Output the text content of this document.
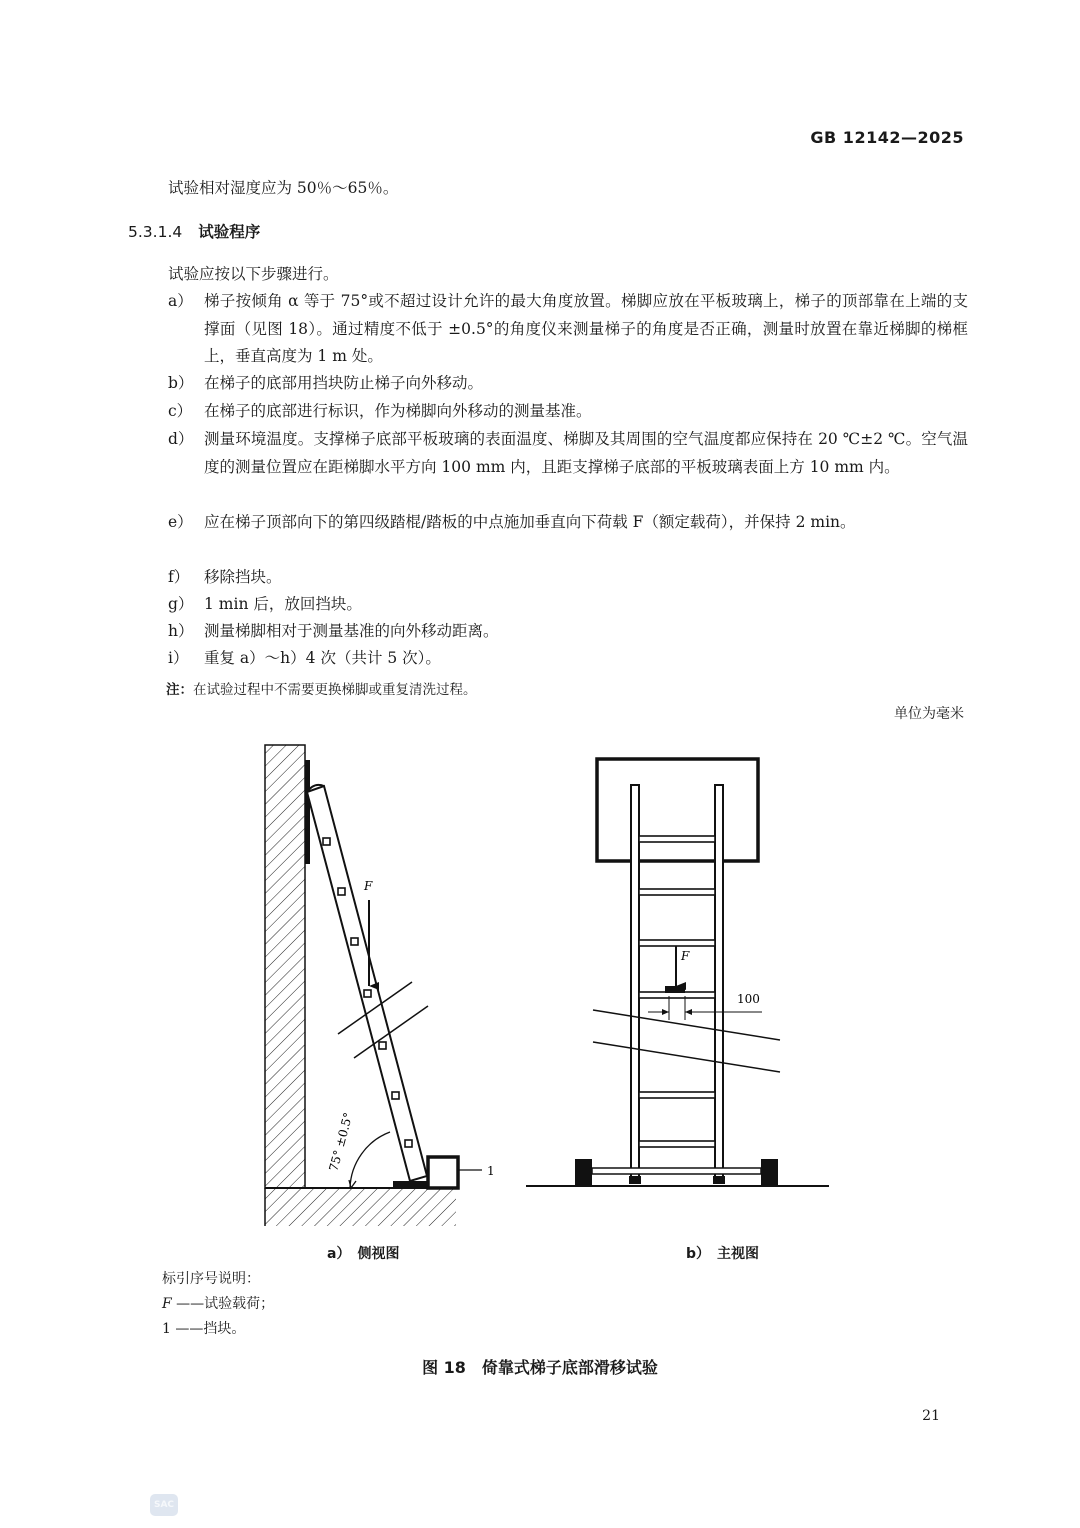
GB 12142—2025
试验相对湿度应为 50％～65％。
5.3.1.4 试验程序
试验应按以下步骤进行。
a） 梯子按倾角 α 等于 75°或不超过设计允许的最大角度放置。梯脚应放在平板玻璃上，梯子的顶部靠在上端的支撑面（见图 18）。通过精度不低于 ±0.5°的角度仪来测量梯子的角度是否正确，测量时放置在靠近梯脚的梯框上，垂直高度为 1 m 处。
b） 在梯子的底部用挡块防止梯子向外移动。
c） 在梯子的底部进行标识，作为梯脚向外移动的测量基准。
d） 测量环境温度。支撑梯子底部平板玻璃的表面温度、梯脚及其周围的空气温度都应保持在 20 ℃±2 ℃。空气温度的测量位置应在距梯脚水平方向 100 mm 内，且距支撑梯子底部的平板玻璃表面上方 10 mm 内。
e） 应在梯子顶部向下的第四级踏棍/踏板的中点施加垂直向下荷载 F（额定载荷），并保持 2 min。
f） 移除挡块。
g） 1 min 后，放回挡块。
h） 测量梯脚相对于测量基准的向外移动距离。
i）	重复 a）～h）4 次（共计 5 次）。
注：在试验过程中不需要更换梯脚或重复清洗过程。
单位为毫米
F
75° ±0.5°	1
F
100
a）　侧视图	b）　主视图
标引序号说明：
F ——试验载荷；
1 ——挡块。
图 18　倚靠式梯子底部滑移试验
21
SAC
